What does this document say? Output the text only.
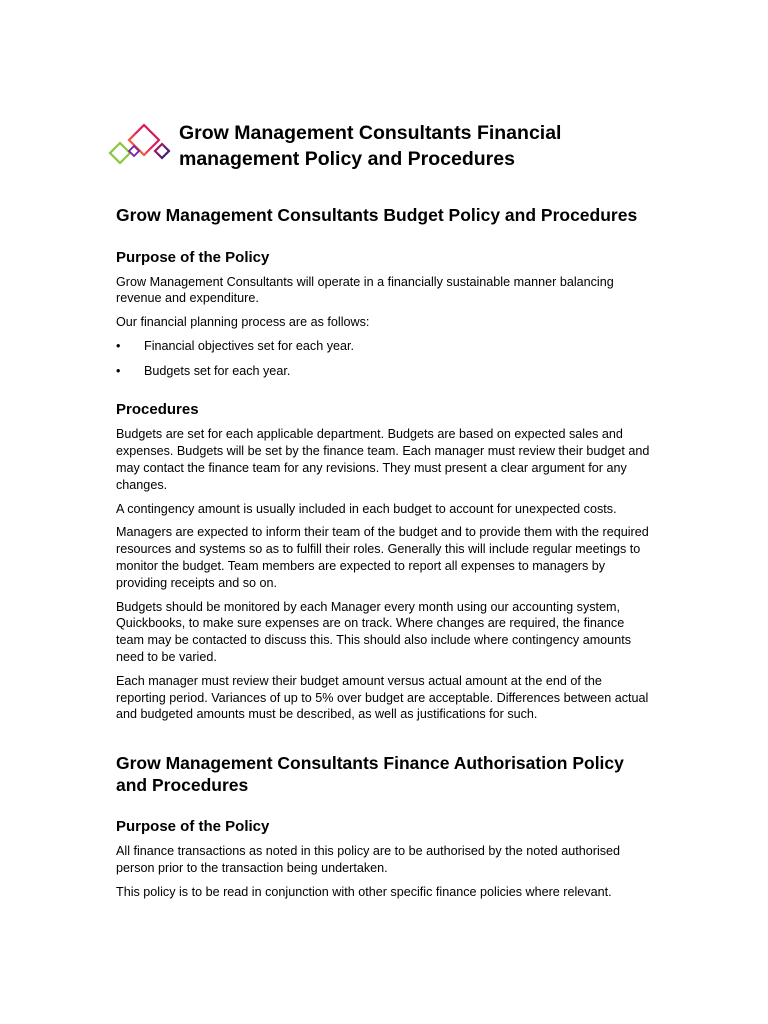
Grow Management Consultants Financial management Policy and Procedures
Grow Management Consultants Budget Policy and Procedures
Purpose of the Policy

Grow Management Consultants will operate in a financially sustainable manner balancing revenue and expenditure.

Our financial planning process are as follows:

• Financial objectives set for each year.
• Budgets set for each year.
Procedures

Budgets are set for each applicable department. Budgets are based on expected sales and expenses. Budgets will be set by the finance team. Each manager must review their budget and may contact the finance team for any revisions. They must present a clear argument for any changes.

A contingency amount is usually included in each budget to account for unexpected costs.

Managers are expected to inform their team of the budget and to provide them with the required resources and systems so as to fulfill their roles. Generally this will include regular meetings to monitor the budget. Team members are expected to report all expenses to managers by providing receipts and so on.

Budgets should be monitored by each Manager every month using our accounting system, Quickbooks, to make sure expenses are on track. Where changes are required, the finance team may be contacted to discuss this. This should also include where contingency amounts need to be varied.

Each manager must review their budget amount versus actual amount at the end of the reporting period. Variances of up to 5% over budget are acceptable. Differences between actual and budgeted amounts must be described, as well as justifications for such.

Grow Management Consultants Finance Authorisation Policy and Procedures
Purpose of the Policy

All finance transactions as noted in this policy are to be authorised by the noted authorised person prior to the transaction being undertaken.

This policy is to be read in conjunction with other specific finance policies where relevant.
